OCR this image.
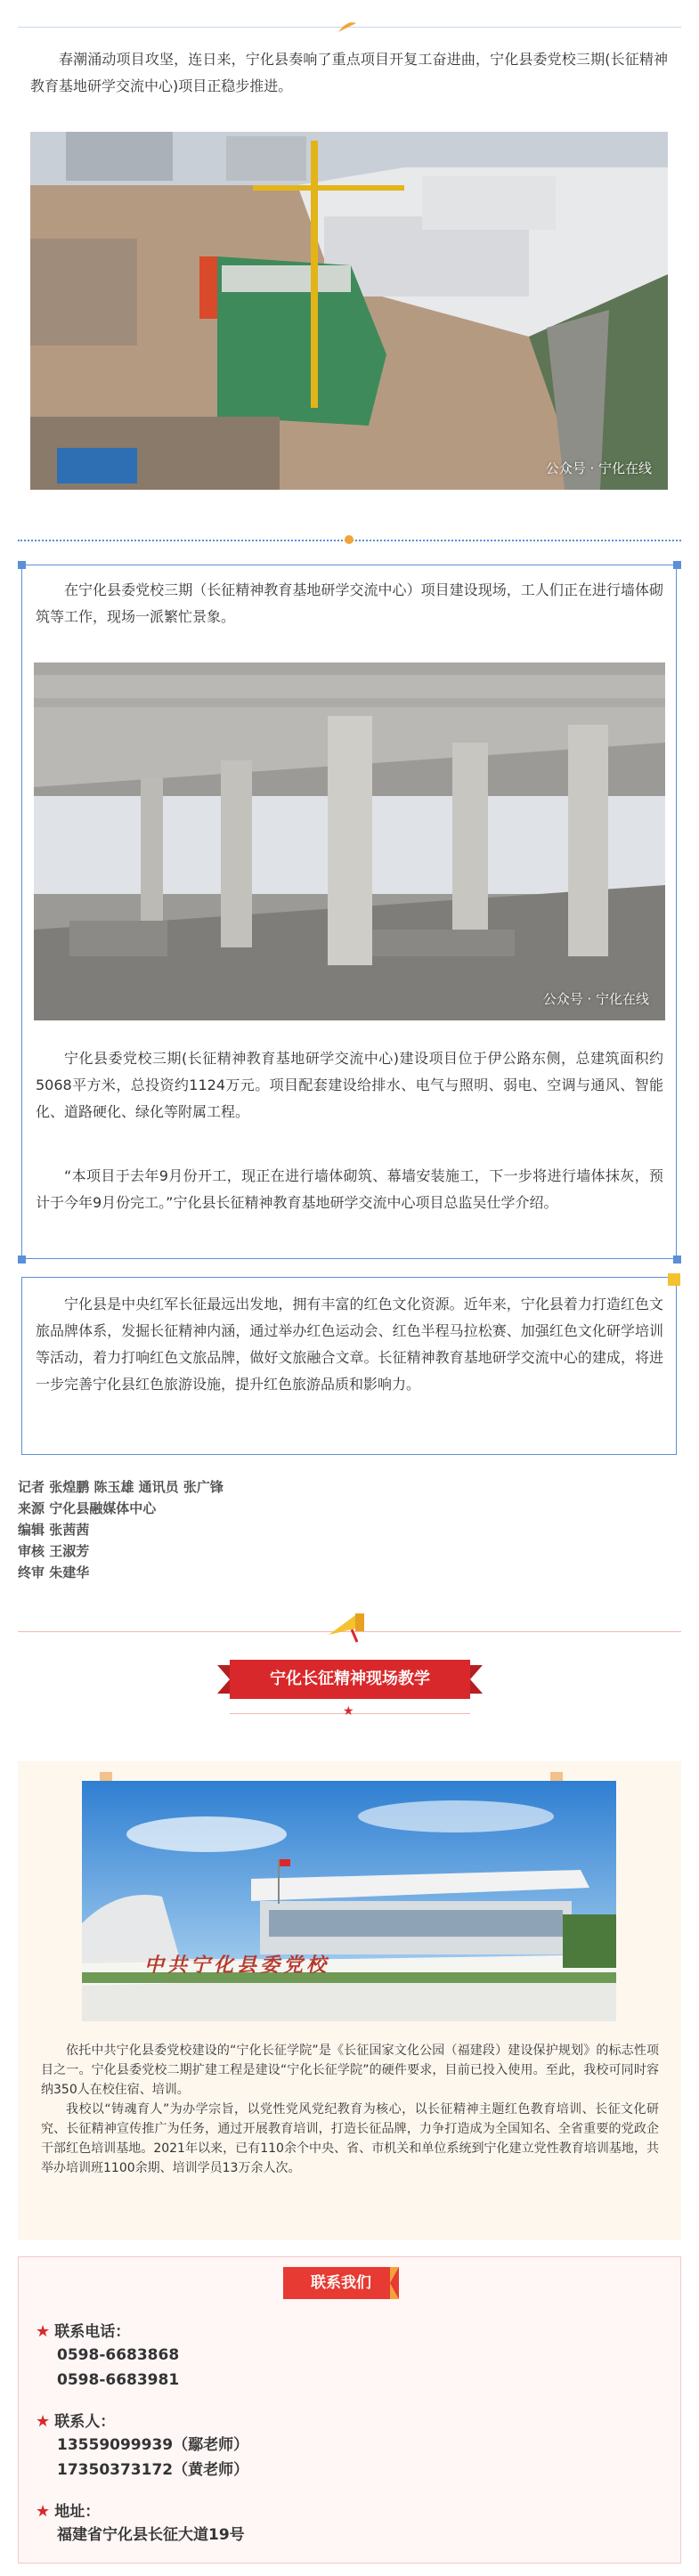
春潮涌动项目攻坚，连日来，宁化县奏响了重点项目开复工奋进曲，宁化县委党校三期(长征精神教育基地研学交流中心)项目正稳步推进。

公众号 · 宁化在线

在宁化县委党校三期（长征精神教育基地研学交流中心）项目建设现场，工人们正在进行墙体砌筑等工作，现场一派繁忙景象。

公众号 · 宁化在线

宁化县委党校三期(长征精神教育基地研学交流中心)建设项目位于伊公路东侧，总建筑面积约5068平方米，总投资约1124万元。项目配套建设给排水、电气与照明、弱电、空调与通风、智能化、道路硬化、绿化等附属工程。

“本项目于去年9月份开工，现正在进行墙体砌筑、幕墙安装施工，下一步将进行墙体抹灰，预计于今年9月份完工。”宁化县长征精神教育基地研学交流中心项目总监吴仕学介绍。

宁化县是中央红军长征最远出发地，拥有丰富的红色文化资源。近年来，宁化县着力打造红色文旅品牌体系，发掘长征精神内涵，通过举办红色运动会、红色半程马拉松赛、加强红色文化研学培训等活动，着力打响红色文旅品牌，做好文旅融合文章。长征精神教育基地研学交流中心的建成，将进一步完善宁化县红色旅游设施，提升红色旅游品质和影响力。

记者 张煌鹏 陈玉雄 通讯员 张广锋
来源 宁化县融媒体中心
编辑 张茜茜
审核 王淑芳
终审 朱建华
宁化长征精神现场教学
★
中共宁化县委党校

依托中共宁化县委党校建设的“宁化长征学院”是《长征国家文化公园（福建段）建设保护规划》的标志性项目之一。宁化县委党校二期扩建工程是建设“宁化长征学院”的硬件要求，目前已投入使用。至此，我校可同时容纳350人在校住宿、培训。

我校以“铸魂育人”为办学宗旨，以党性党风党纪教育为核心，以长征精神主题红色教育培训、长征文化研究、长征精神宣传推广为任务，通过开展教育培训，打造长征品牌，力争打造成为全国知名、全省重要的党政企干部红色培训基地。2021年以来，已有110余个中央、省、市机关和单位系统到宁化建立党性教育培训基地，共举办培训班1100余期、培训学员13万余人次。

联系我们
★ 联系电话：
0598-6683868
0598-6683981
★ 联系人：
13559099939（鄢老师）
17350373172（黄老师）
★ 地址：
福建省宁化县长征大道19号
